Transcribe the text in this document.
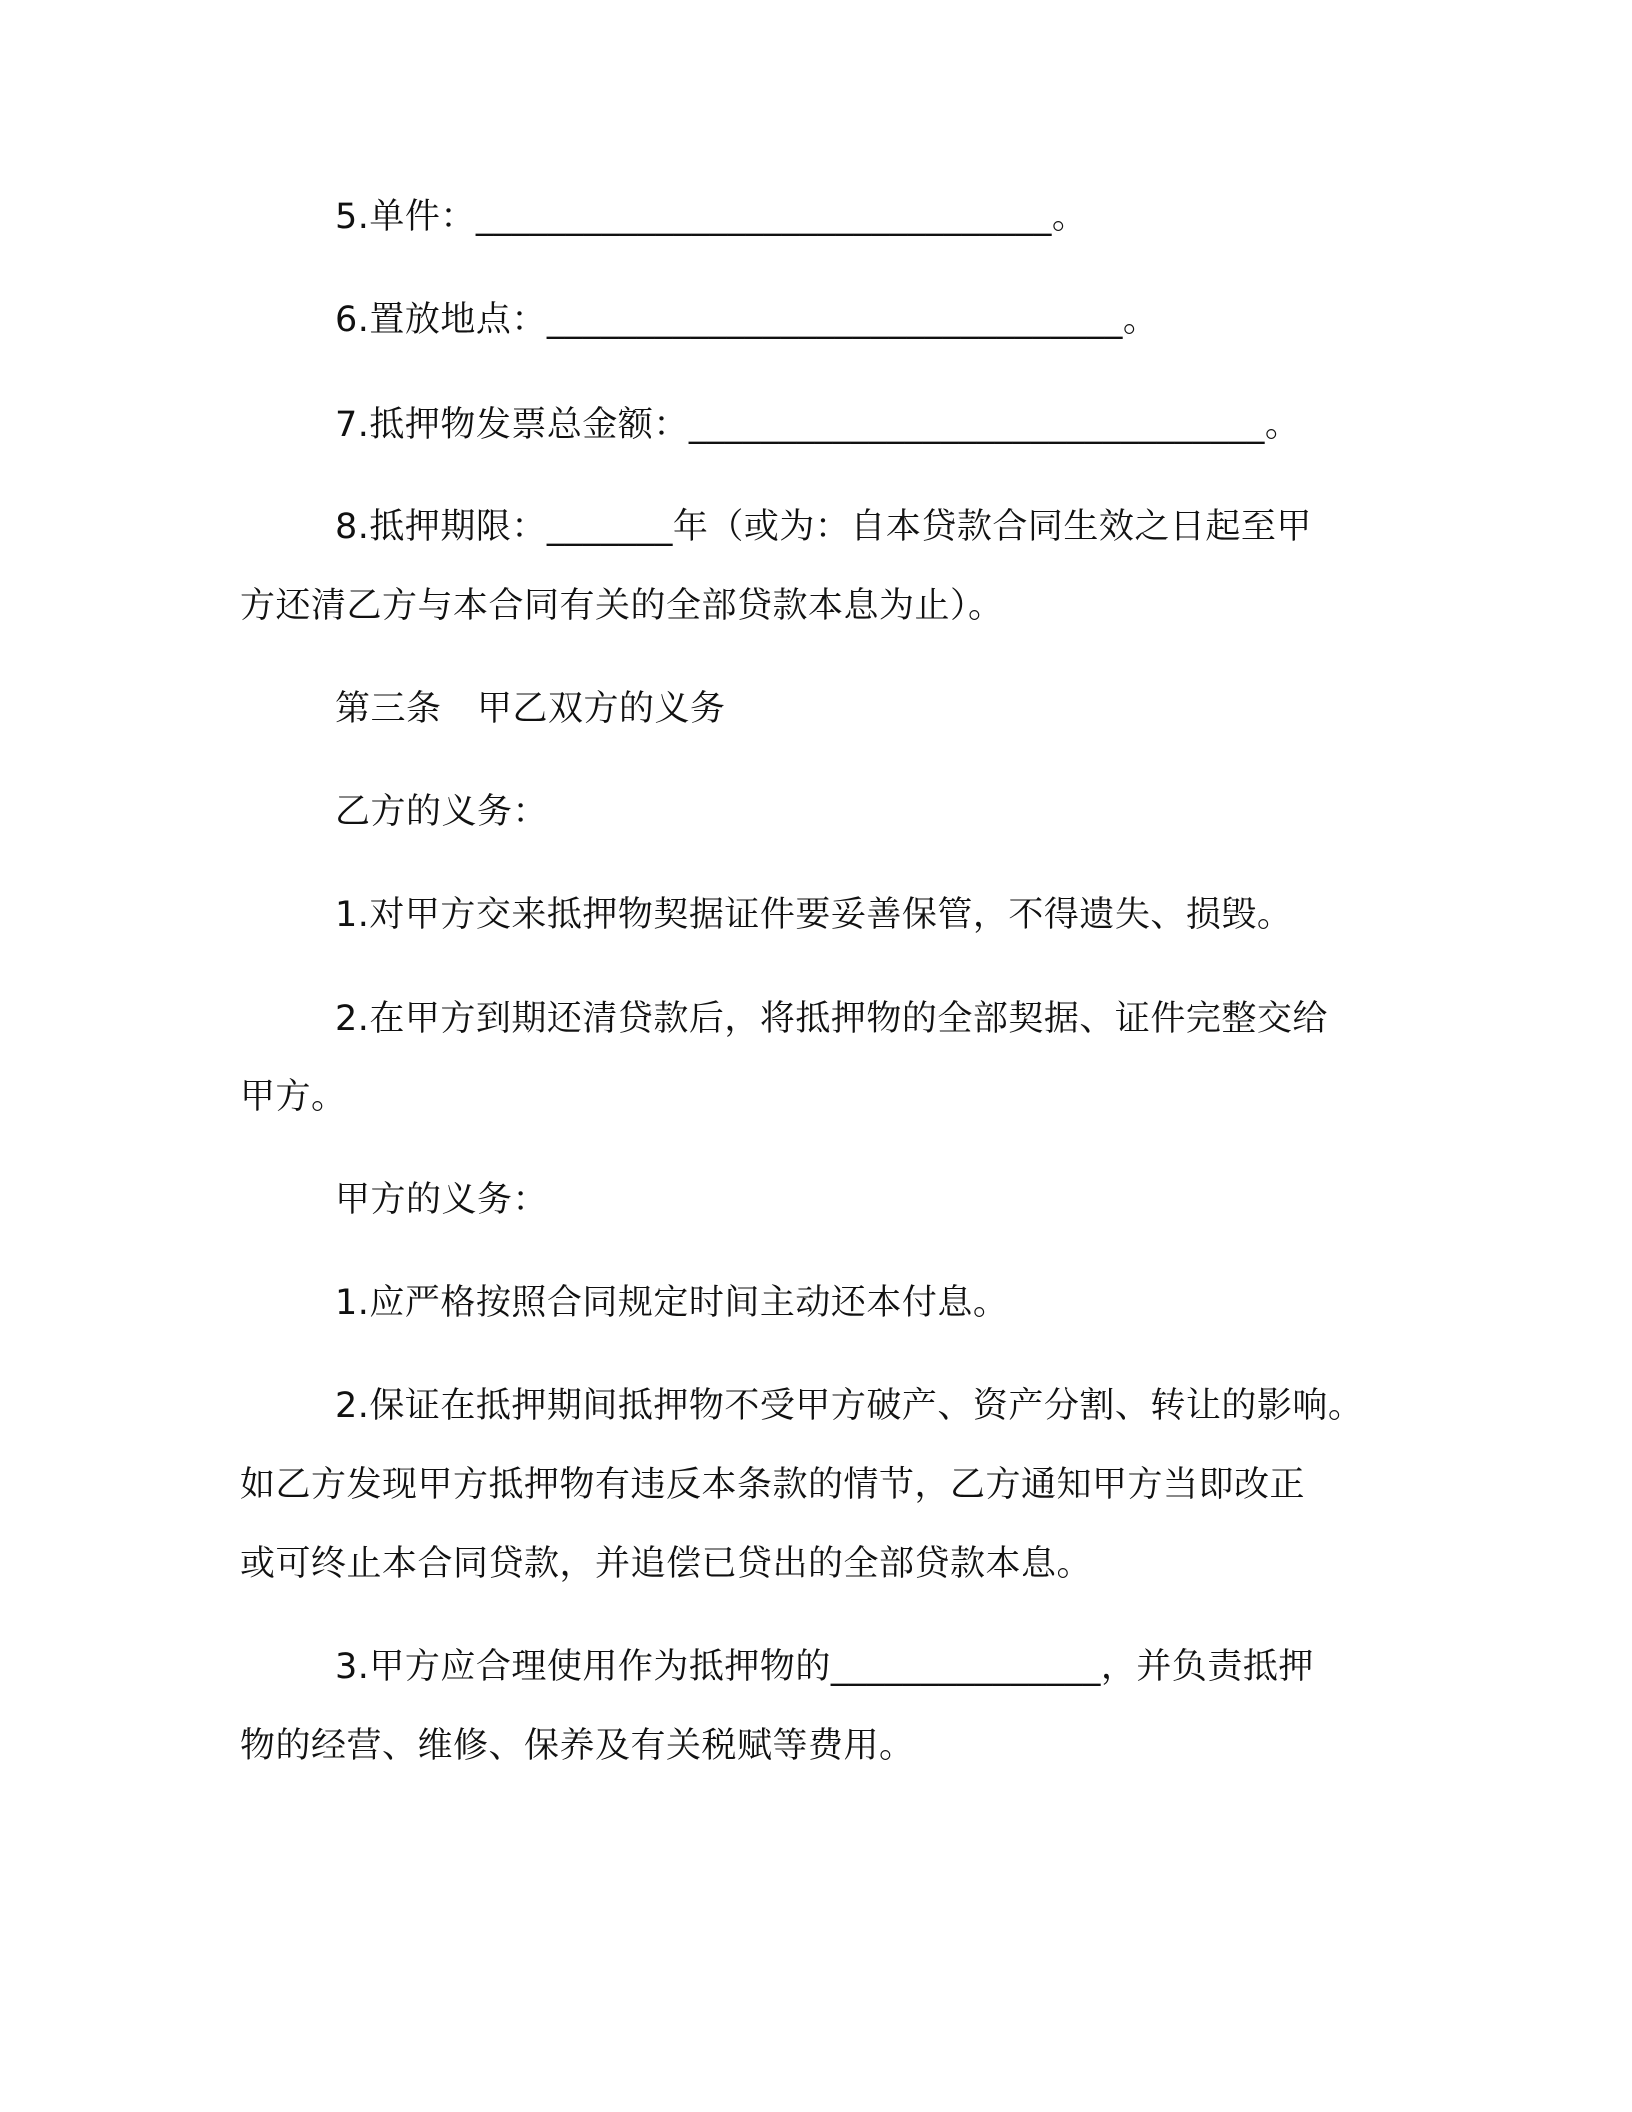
5.单件：________________________________。
6.置放地点：________________________________。
7.抵押物发票总金额：________________________________。
8.抵押期限：_______年（或为：自本贷款合同生效之日起至甲
方还清乙方与本合同有关的全部贷款本息为止）。
第三条　甲乙双方的义务
乙方的义务：
1.对甲方交来抵押物契据证件要妥善保管，不得遗失、损毁。
2.在甲方到期还清贷款后，将抵押物的全部契据、证件完整交给
甲方。
甲方的义务：
1.应严格按照合同规定时间主动还本付息。
2.保证在抵押期间抵押物不受甲方破产、资产分割、转让的影响。
如乙方发现甲方抵押物有违反本条款的情节，乙方通知甲方当即改正
或可终止本合同贷款，并追偿已贷出的全部贷款本息。
3.甲方应合理使用作为抵押物的_______________，并负责抵押
物的经营、维修、保养及有关税赋等费用。
